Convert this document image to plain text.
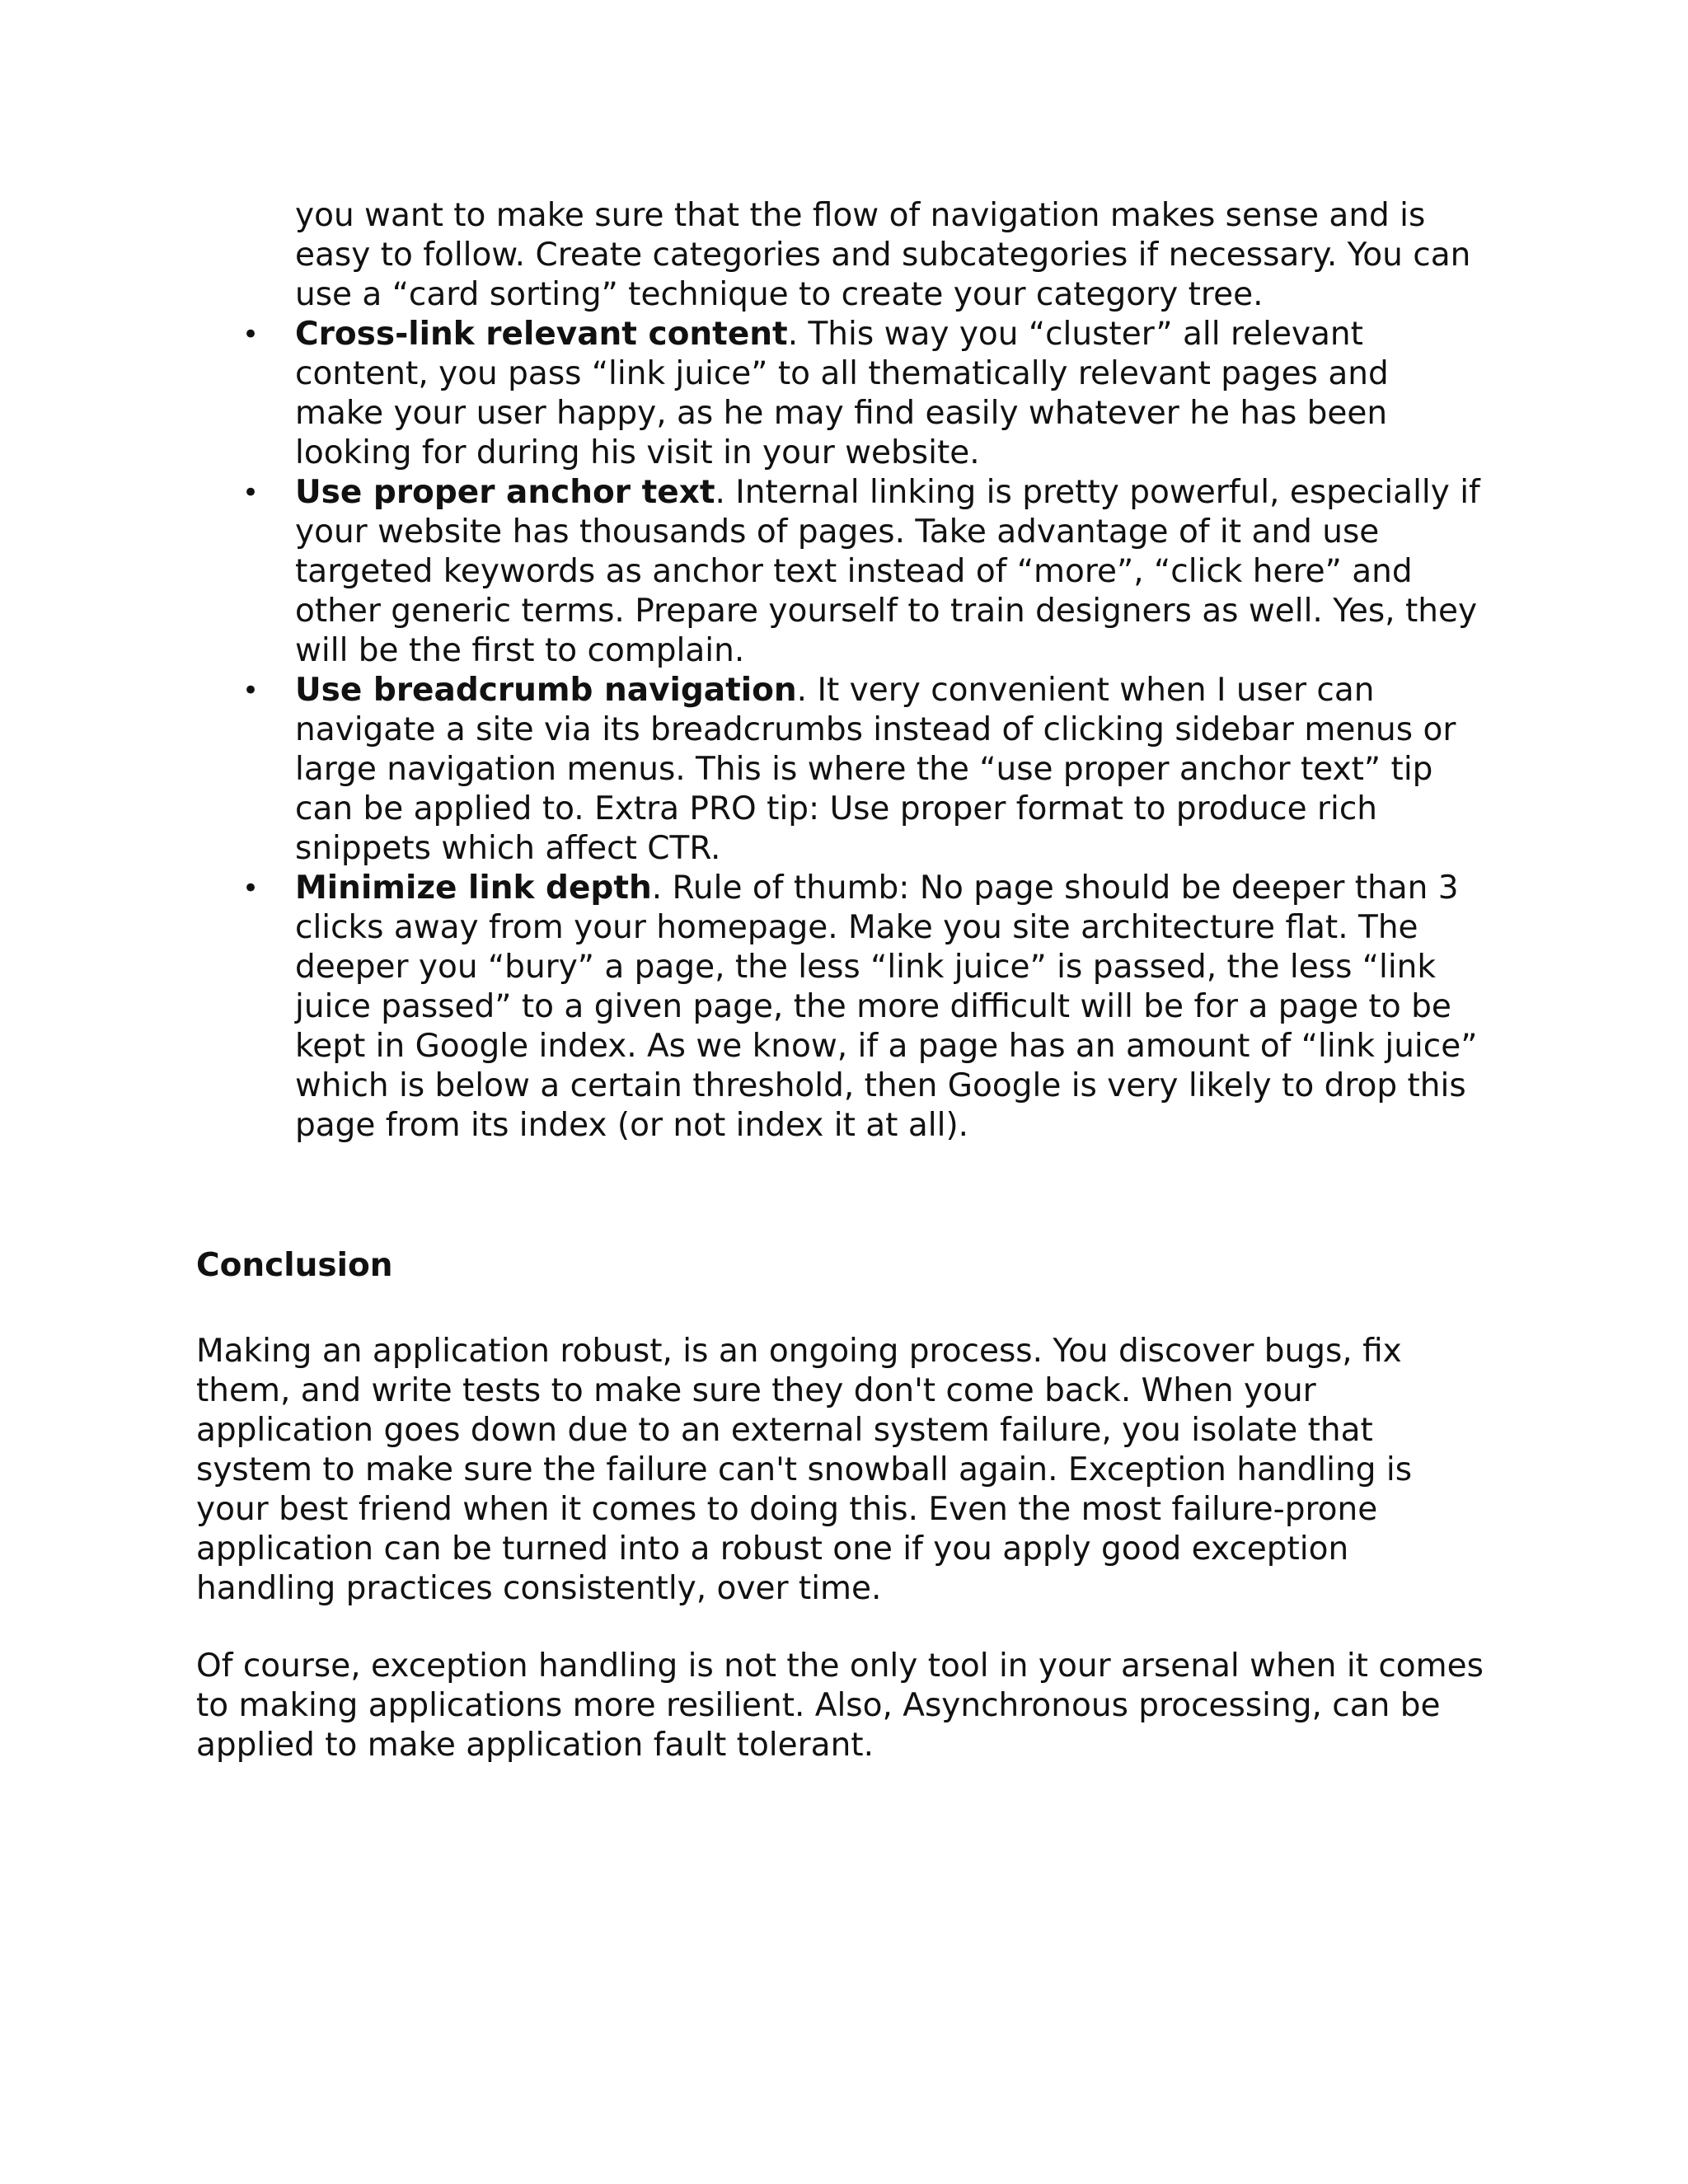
you want to make sure that the flow of navigation makes sense and is easy to follow. Create categories and subcategories if necessary. You can use a “card sorting” technique to create your category tree.

• Cross-link relevant content. This way you “cluster” all relevant content, you pass “link juice” to all thematically relevant pages and make your user happy, as he may find easily whatever he has been looking for during his visit in your website.
• Use proper anchor text. Internal linking is pretty powerful, especially if your website has thousands of pages. Take advantage of it and use targeted keywords as anchor text instead of “more”, “click here” and other generic terms. Prepare yourself to train designers as well. Yes, they will be the first to complain.
• Use breadcrumb navigation. It very convenient when I user can navigate a site via its breadcrumbs instead of clicking sidebar menus or large navigation menus. This is where the “use proper anchor text” tip can be applied to. Extra PRO tip: Use proper format to produce rich snippets which affect CTR.
• Minimize link depth. Rule of thumb: No page should be deeper than 3 clicks away from your homepage. Make you site architecture flat. The deeper you “bury” a page, the less “link juice” is passed, the less “link juice passed” to a given page, the more difficult will be for a page to be kept in Google index. As we know, if a page has an amount of “link juice” which is below a certain threshold, then Google is very likely to drop this page from its index (or not index it at all).
Conclusion

Making an application robust, is an ongoing process. You discover bugs, fix them, and write tests to make sure they don't come back. When your application goes down due to an external system failure, you isolate that system to make sure the failure can't snowball again. Exception handling is your best friend when it comes to doing this. Even the most failure-prone application can be turned into a robust one if you apply good exception handling practices consistently, over time.

Of course, exception handling is not the only tool in your arsenal when it comes to making applications more resilient. Also, Asynchronous processing, can be applied to make application fault tolerant.
